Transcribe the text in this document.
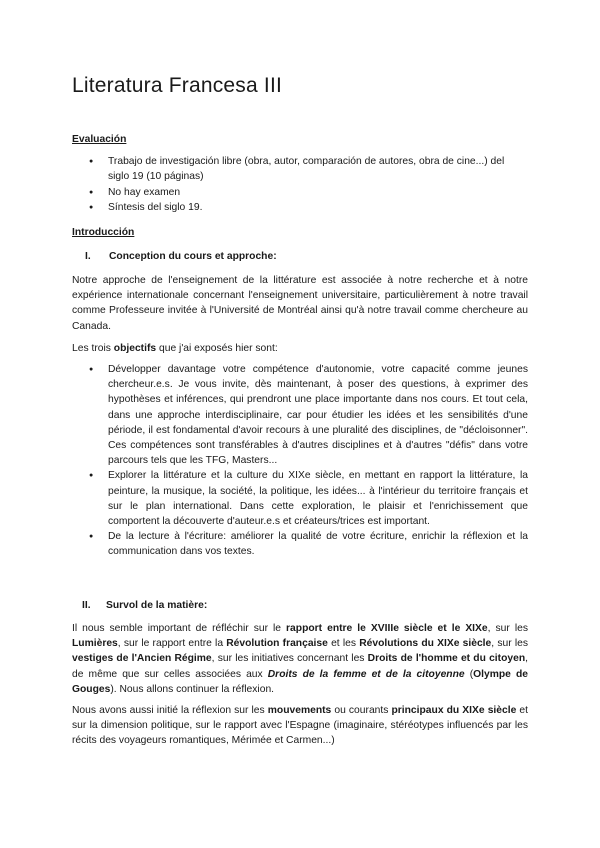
Literatura Francesa III
Evaluación
● Trabajo de investigación libre (obra, autor, comparación de autores, obra de cine...) del siglo 19 (10 páginas)
● No hay examen
● Síntesis del siglo 19.
Introducción
I. Conception du cours et approche:
Notre approche de l'enseignement de la littérature est associée à notre recherche et à notre expérience internationale concernant l'enseignement universitaire, particulièrement à notre travail comme Professeure invitée à l'Université de Montréal ainsi qu'à notre travail comme chercheure au Canada.
Les trois objectifs que j'ai exposés hier sont:
● Développer davantage votre compétence d'autonomie, votre capacité comme jeunes chercheur.e.s. Je vous invite, dès maintenant, à poser des questions, à exprimer des hypothèses et inférences, qui prendront une place importante dans nos cours. Et tout cela, dans une approche interdisciplinaire, car pour étudier les idées et les sensibilités d'une période, il est fondamental d'avoir recours à une pluralité des disciplines, de "décloisonner". Ces compétences sont transférables à d'autres disciplines et à d'autres "défis" dans votre parcours tels que les TFG, Masters...
● Explorer la littérature et la culture du XIXe siècle, en mettant en rapport la littérature, la peinture, la musique, la société, la politique, les idées... à l'intérieur du territoire français et sur le plan international. Dans cette exploration, le plaisir et l'enrichissement que comportent la découverte d'auteur.e.s et créateurs/trices est important.
● De la lecture à l'écriture: améliorer la qualité de votre écriture, enrichir la réflexion et la communication dans vos textes.
II. Survol de la matière:
Il nous semble important de réfléchir sur le rapport entre le XVIIIe siècle et le XIXe, sur les Lumières, sur le rapport entre la Révolution française et les Révolutions du XIXe siècle, sur les vestiges de l'Ancien Régime, sur les initiatives concernant les Droits de l'homme et du citoyen, de même que sur celles associées aux Droits de la femme et de la citoyenne (Olympe de Gouges). Nous allons continuer la réflexion.
Nous avons aussi initié la réflexion sur les mouvements ou courants principaux du XIXe siècle et sur la dimension politique, sur le rapport avec l'Espagne (imaginaire, stéréotypes influencés par les récits des voyageurs romantiques, Mérimée et Carmen...)
